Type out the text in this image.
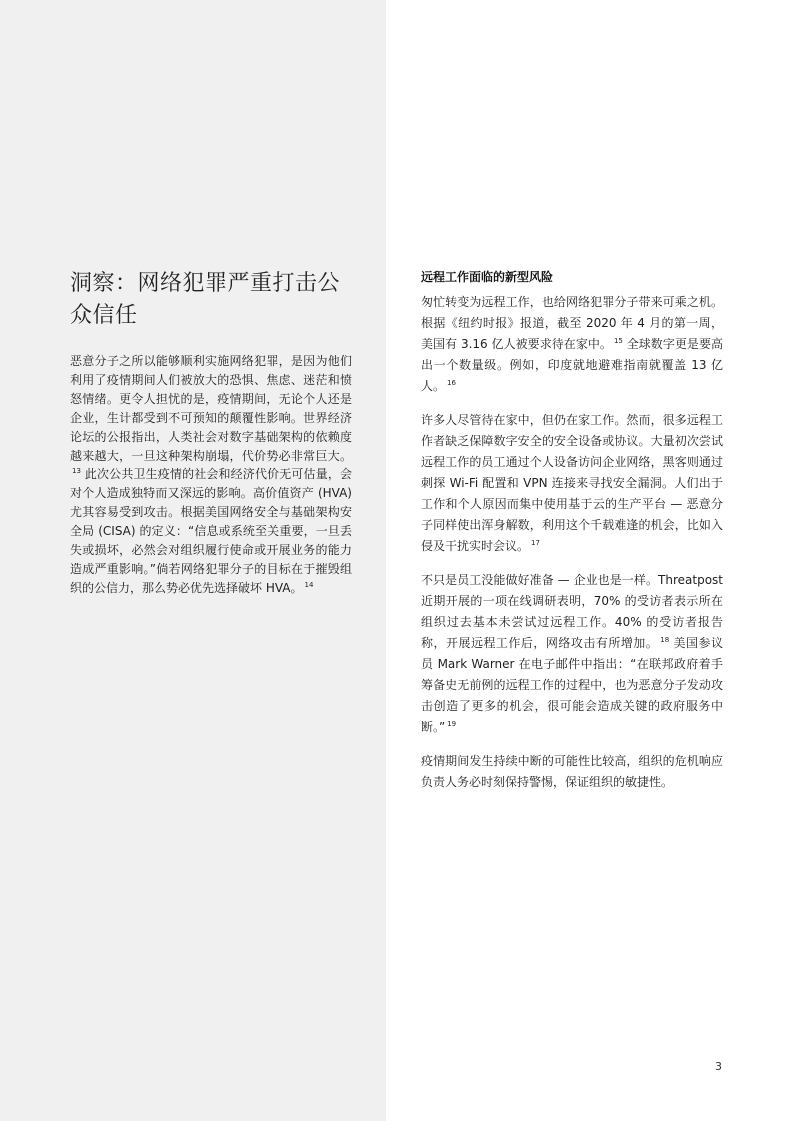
洞察：网络犯罪严重打击公众信任

恶意分子之所以能够顺利实施网络犯罪，是因为他们利用了疫情期间人们被放大的恐惧、焦虑、迷茫和愤怒情绪。更令人担忧的是，疫情期间，无论个人还是企业，生计都受到不可预知的颠覆性影响。世界经济论坛的公报指出，人类社会对数字基础架构的依赖度越来越大，一旦这种架构崩塌，代价势必非常巨大。$^{13}$ 此次公共卫生疫情的社会和经济代价无可估量，会对个人造成独特而又深远的影响。高价值资产 (HVA) 尤其容易受到攻击。根据美国网络安全与基础架构安全局 (CISA) 的定义：“信息或系统至关重要，一旦丢失或损坏，必然会对组织履行使命或开展业务的能力造成严重影响。”倘若网络犯罪分子的目标在于摧毁组织的公信力，那么势必优先选择破坏 HVA。 $^{14}$

远程工作面临的新型风险

匆忙转变为远程工作，也给网络犯罪分子带来可乘之机。根据《纽约时报》报道，截至 2020 年 4 月的第一周，美国有 3.16 亿人被要求待在家中。 $^{15}$ 全球数字更是要高出一个数量级。例如，印度就地避难指南就覆盖 13 亿人。 $^{16}$

许多人尽管待在家中，但仍在家工作。然而，很多远程工作者缺乏保障数字安全的安全设备或协议。大量初次尝试远程工作的员工通过个人设备访问企业网络，黑客则通过刺探 Wi-Fi 配置和 VPN 连接来寻找安全漏洞。人们出于工作和个人原因而集中使用基于云的生产平台 — 恶意分子同样使出浑身解数，利用这个千载难逢的机会，比如入侵及干扰实时会议。 $^{17}$

不只是员工没能做好准备 — 企业也是一样。Threatpost 近期开展的一项在线调研表明，70% 的受访者表示所在组织过去基本未尝试过远程工作。40% 的受访者报告称，开展远程工作后，网络攻击有所增加。 $^{18}$ 美国参议员 Mark Warner 在电子邮件中指出：“在联邦政府着手筹备史无前例的远程工作的过程中，也为恶意分子发动攻击创造了更多的机会，很可能会造成关键的政府服务中断。” $^{19}$

疫情期间发生持续中断的可能性比较高，组织的危机响应负责人务必时刻保持警惕，保证组织的敏捷性。

3
